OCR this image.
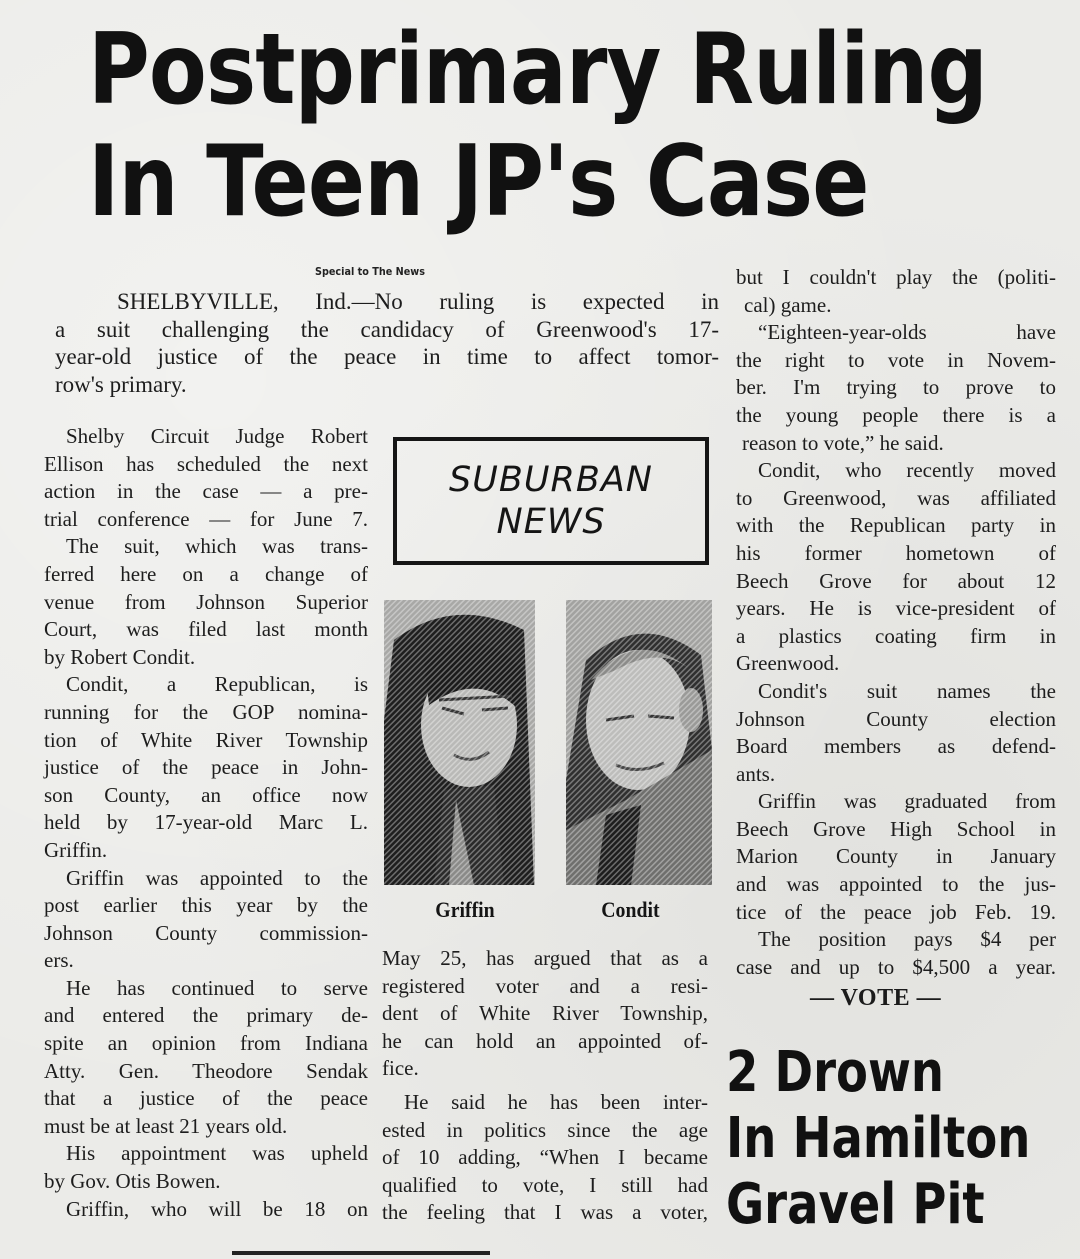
Postprimary Ruling
In Teen JP's Case
Special to The News

SHELBYVILLE, Ind.—No ruling is expected in
a suit challenging the candidacy of Greenwood's 17-
year-old justice of the peace in time to affect tomor-
row's primary.

Shelby Circuit Judge Robert
Ellison has scheduled the next
action in the case — a pre-
trial conference — for June 7.
The suit, which was trans-
ferred here on a change of
venue from Johnson Superior
Court, was filed last month
by Robert Condit.
Condit, a Republican, is
running for the GOP nomina-
tion of White River Township
justice of the peace in John-
son County, an office now
held by 17-year-old Marc L.
Griffin.
Griffin was appointed to the
post earlier this year by the
Johnson County commission-
ers.
He has continued to serve
and entered the primary de-
spite an opinion from Indiana
Atty. Gen. Theodore Sendak
that a justice of the peace
must be at least 21 years old.
His appointment was upheld
by Gov. Otis Bowen.
Griffin, who will be 18 on
SUBURBAN
NEWS
Griffin	Condit
May 25, has argued that as a
registered voter and a resi-
dent of White River Township,
he can hold an appointed of-
fice.
He said he has been inter-
ested in politics since the age
of 10 adding, “When I became
qualified to vote, I still had
the feeling that I was a voter,
but I couldn't play the (politi-
cal) game.
“Eighteen-year-olds have
the right to vote in Novem-
ber. I'm trying to prove to
the young people there is a
reason to vote,” he said.
Condit, who recently moved
to Greenwood, was affiliated
with the Republican party in
his former hometown of
Beech Grove for about 12
years. He is vice-president of
a plastics coating firm in
Greenwood.
Condit's suit names the
Johnson County election
Board members as defend-
ants.
Griffin was graduated from
Beech Grove High School in
Marion County in January
and was appointed to the jus-
tice of the peace job Feb. 19.
The position pays $4 per
case and up to $4,500 a year.
— VOTE —
2 Drown
In Hamilton
Gravel Pit
